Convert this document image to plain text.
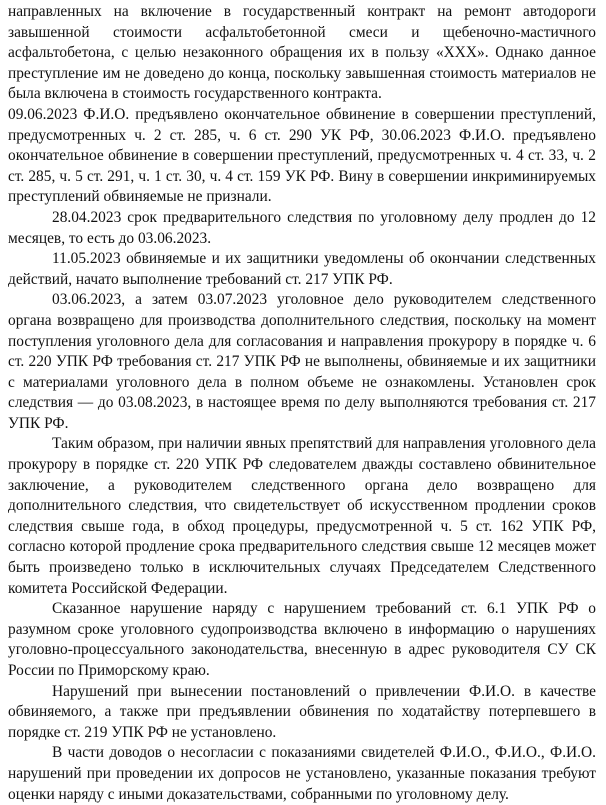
направленных на включение в государственный контракт на ремонт автодороги завышенной стоимости асфальтобетонной смеси и щебеночно-мастичного асфальтобетона, с целью незаконного обращения их в пользу «ХХХ». Однако данное преступление им не доведено до конца, поскольку завышенная стоимость материалов не была включена в стоимость государственного контракта.

09.06.2023 Ф.И.О. предъявлено окончательное обвинение в совершении преступлений, предусмотренных ч. 2 ст. 285, ч. 6 ст. 290 УК РФ, 30.06.2023 Ф.И.О. предъявлено окончательное обвинение в совершении преступлений, предусмотренных ч. 4 ст. 33, ч. 2 ст. 285, ч. 5 ст. 291, ч. 1 ст. 30, ч. 4 ст. 159 УК РФ. Вину в совершении инкриминируемых преступлений обвиняемые не признали.

28.04.2023 срок предварительного следствия по уголовному делу продлен до 12 месяцев, то есть до 03.06.2023.

11.05.2023 обвиняемые и их защитники уведомлены об окончании следственных действий, начато выполнение требований ст. 217 УПК РФ.

03.06.2023, а затем 03.07.2023 уголовное дело руководителем следственного органа возвращено для производства дополнительного следствия, поскольку на момент поступления уголовного дела для согласования и направления прокурору в порядке ч. 6 ст. 220 УПК РФ требования ст. 217 УПК РФ не выполнены, обвиняемые и их защитники с материалами уголовного дела в полном объеме не ознакомлены. Установлен срок следствия — до 03.08.2023, в настоящее время по делу выполняются требования ст. 217 УПК РФ.

Таким образом, при наличии явных препятствий для направления уголовного дела прокурору в порядке ст. 220 УПК РФ следователем дважды составлено обвинительное заключение, а руководителем следственного органа дело возвращено для дополнительного следствия, что свидетельствует об искусственном продлении сроков следствия свыше года, в обход процедуры, предусмотренной ч. 5 ст. 162 УПК РФ, согласно которой продление срока предварительного следствия свыше 12 месяцев может быть произведено только в исключительных случаях Председателем Следственного комитета Российской Федерации.

Сказанное нарушение наряду с нарушением требований ст. 6.1 УПК РФ о разумном сроке уголовного судопроизводства включено в информацию о нарушениях уголовно-процессуального законодательства, внесенную в адрес руководителя СУ СК России по Приморскому краю.

Нарушений при вынесении постановлений о привлечении Ф.И.О. в качестве обвиняемого, а также при предъявлении обвинения по ходатайству потерпевшего в порядке ст. 219 УПК РФ не установлено.

В части доводов о несогласии с показаниями свидетелей Ф.И.О., Ф.И.О., Ф.И.О. нарушений при проведении их допросов не установлено, указанные показания требуют оценки наряду с иными доказательствами, собранными по уголовному делу.
